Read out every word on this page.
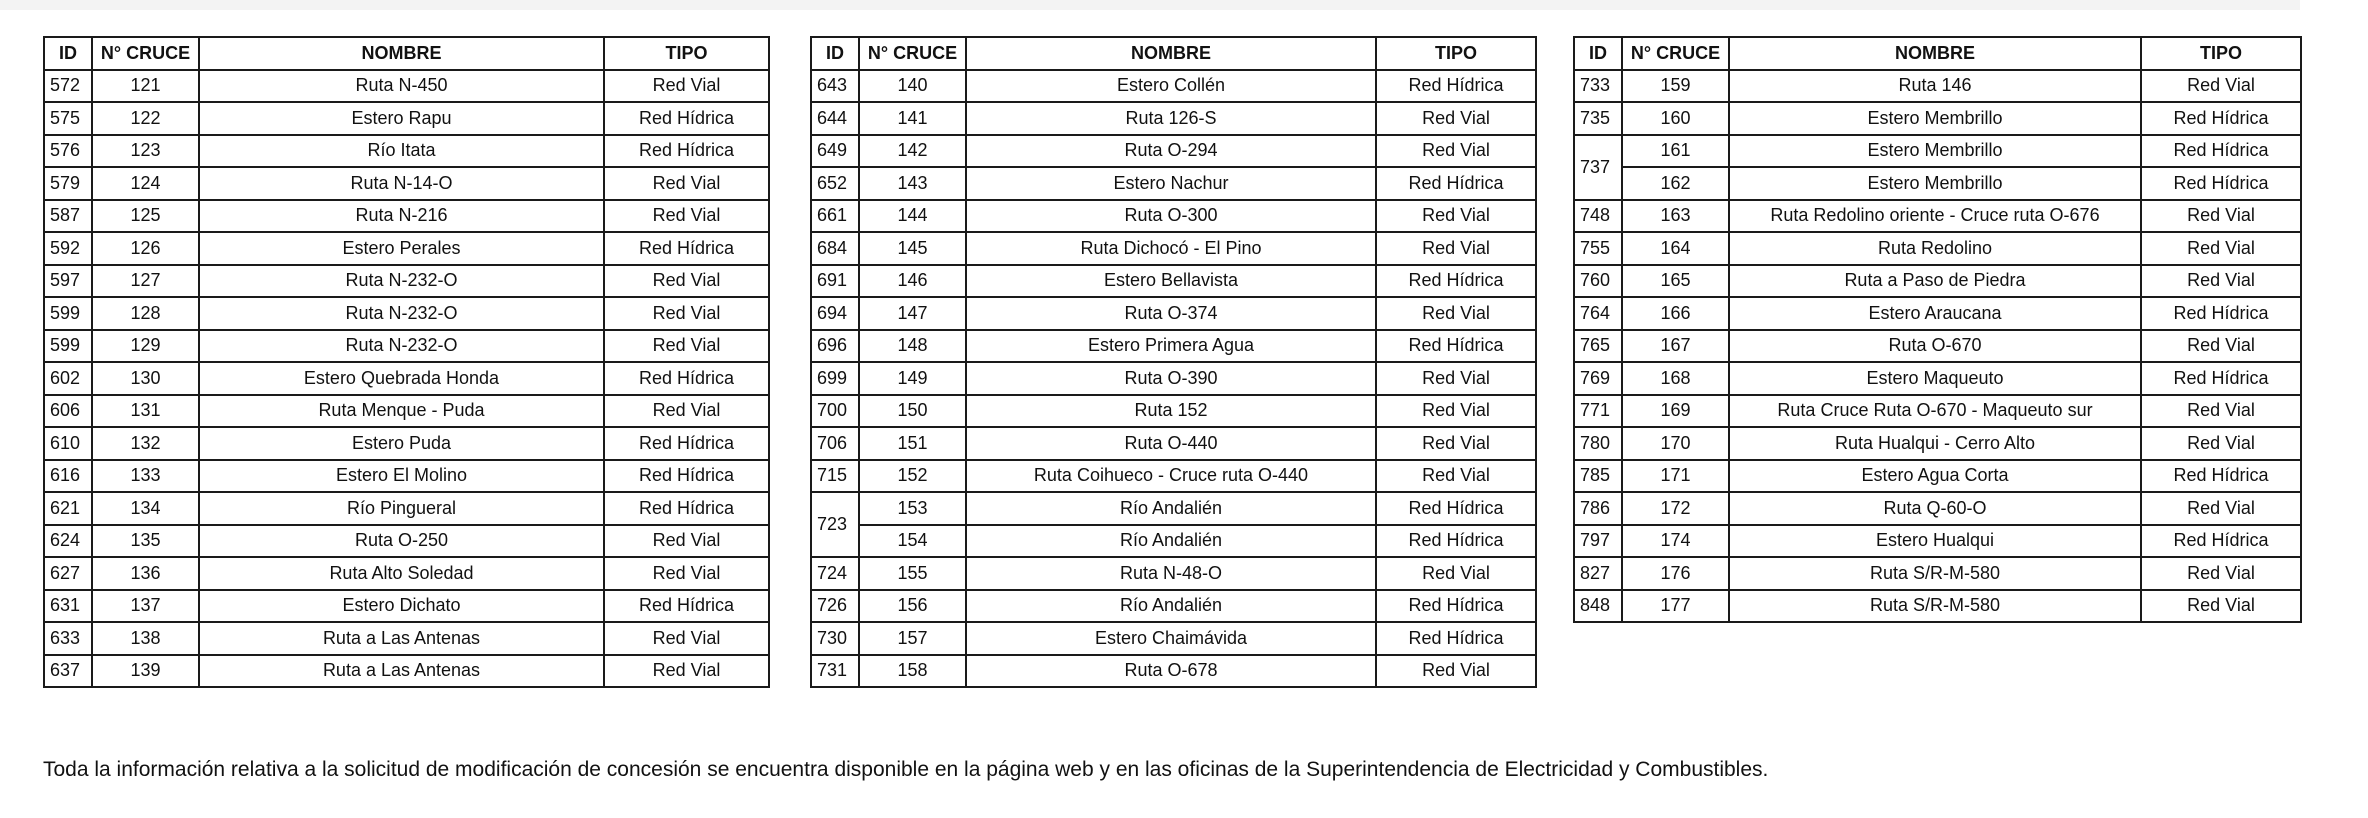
ID	N° CRUCE	NOMBRE	TIPO
572	121	Ruta N-450	Red Vial
575	122	Estero Rapu	Red Hídrica
576	123	Río Itata	Red Hídrica
579	124	Ruta N-14-O	Red Vial
587	125	Ruta N-216	Red Vial
592	126	Estero Perales	Red Hídrica
597	127	Ruta N-232-O	Red Vial
599	128	Ruta N-232-O	Red Vial
599	129	Ruta N-232-O	Red Vial
602	130	Estero Quebrada Honda	Red Hídrica
606	131	Ruta Menque - Puda	Red Vial
610	132	Estero Puda	Red Hídrica
616	133	Estero El Molino	Red Hídrica
621	134	Río Pingueral	Red Hídrica
624	135	Ruta O-250	Red Vial
627	136	Ruta Alto Soledad	Red Vial
631	137	Estero Dichato	Red Hídrica
633	138	Ruta a Las Antenas	Red Vial
637	139	Ruta a Las Antenas	Red Vial
ID	N° CRUCE	NOMBRE	TIPO
643	140	Estero Collén	Red Hídrica
644	141	Ruta 126-S	Red Vial
649	142	Ruta O-294	Red Vial
652	143	Estero Nachur	Red Hídrica
661	144	Ruta O-300	Red Vial
684	145	Ruta Dichocó - El Pino	Red Vial
691	146	Estero Bellavista	Red Hídrica
694	147	Ruta O-374	Red Vial
696	148	Estero Primera Agua	Red Hídrica
699	149	Ruta O-390	Red Vial
700	150	Ruta 152	Red Vial
706	151	Ruta O-440	Red Vial
715	152	Ruta Coihueco - Cruce ruta O-440	Red Vial
723	153	Río Andalién	Red Hídrica
	154	Río Andalién	Red Hídrica
724	155	Ruta N-48-O	Red Vial
726	156	Río Andalién	Red Hídrica
730	157	Estero Chaimávida	Red Hídrica
731	158	Ruta O-678	Red Vial
ID	N° CRUCE	NOMBRE	TIPO
733	159	Ruta 146	Red Vial
735	160	Estero Membrillo	Red Hídrica
737	161	Estero Membrillo	Red Hídrica
	162	Estero Membrillo	Red Hídrica
748	163	Ruta Redolino oriente - Cruce ruta O-676	Red Vial
755	164	Ruta Redolino	Red Vial
760	165	Ruta a Paso de Piedra	Red Vial
764	166	Estero Araucana	Red Hídrica
765	167	Ruta O-670	Red Vial
769	168	Estero Maqueuto	Red Hídrica
771	169	Ruta Cruce Ruta O-670 - Maqueuto sur	Red Vial
780	170	Ruta Hualqui - Cerro Alto	Red Vial
785	171	Estero Agua Corta	Red Hídrica
786	172	Ruta Q-60-O	Red Vial
797	174	Estero Hualqui	Red Hídrica
827	176	Ruta S/R-M-580	Red Vial
848	177	Ruta S/R-M-580	Red Vial
Toda la información relativa a la solicitud de modificación de concesión se encuentra disponible en la página web y en las oficinas de la Superintendencia de Electricidad y Combustibles.
